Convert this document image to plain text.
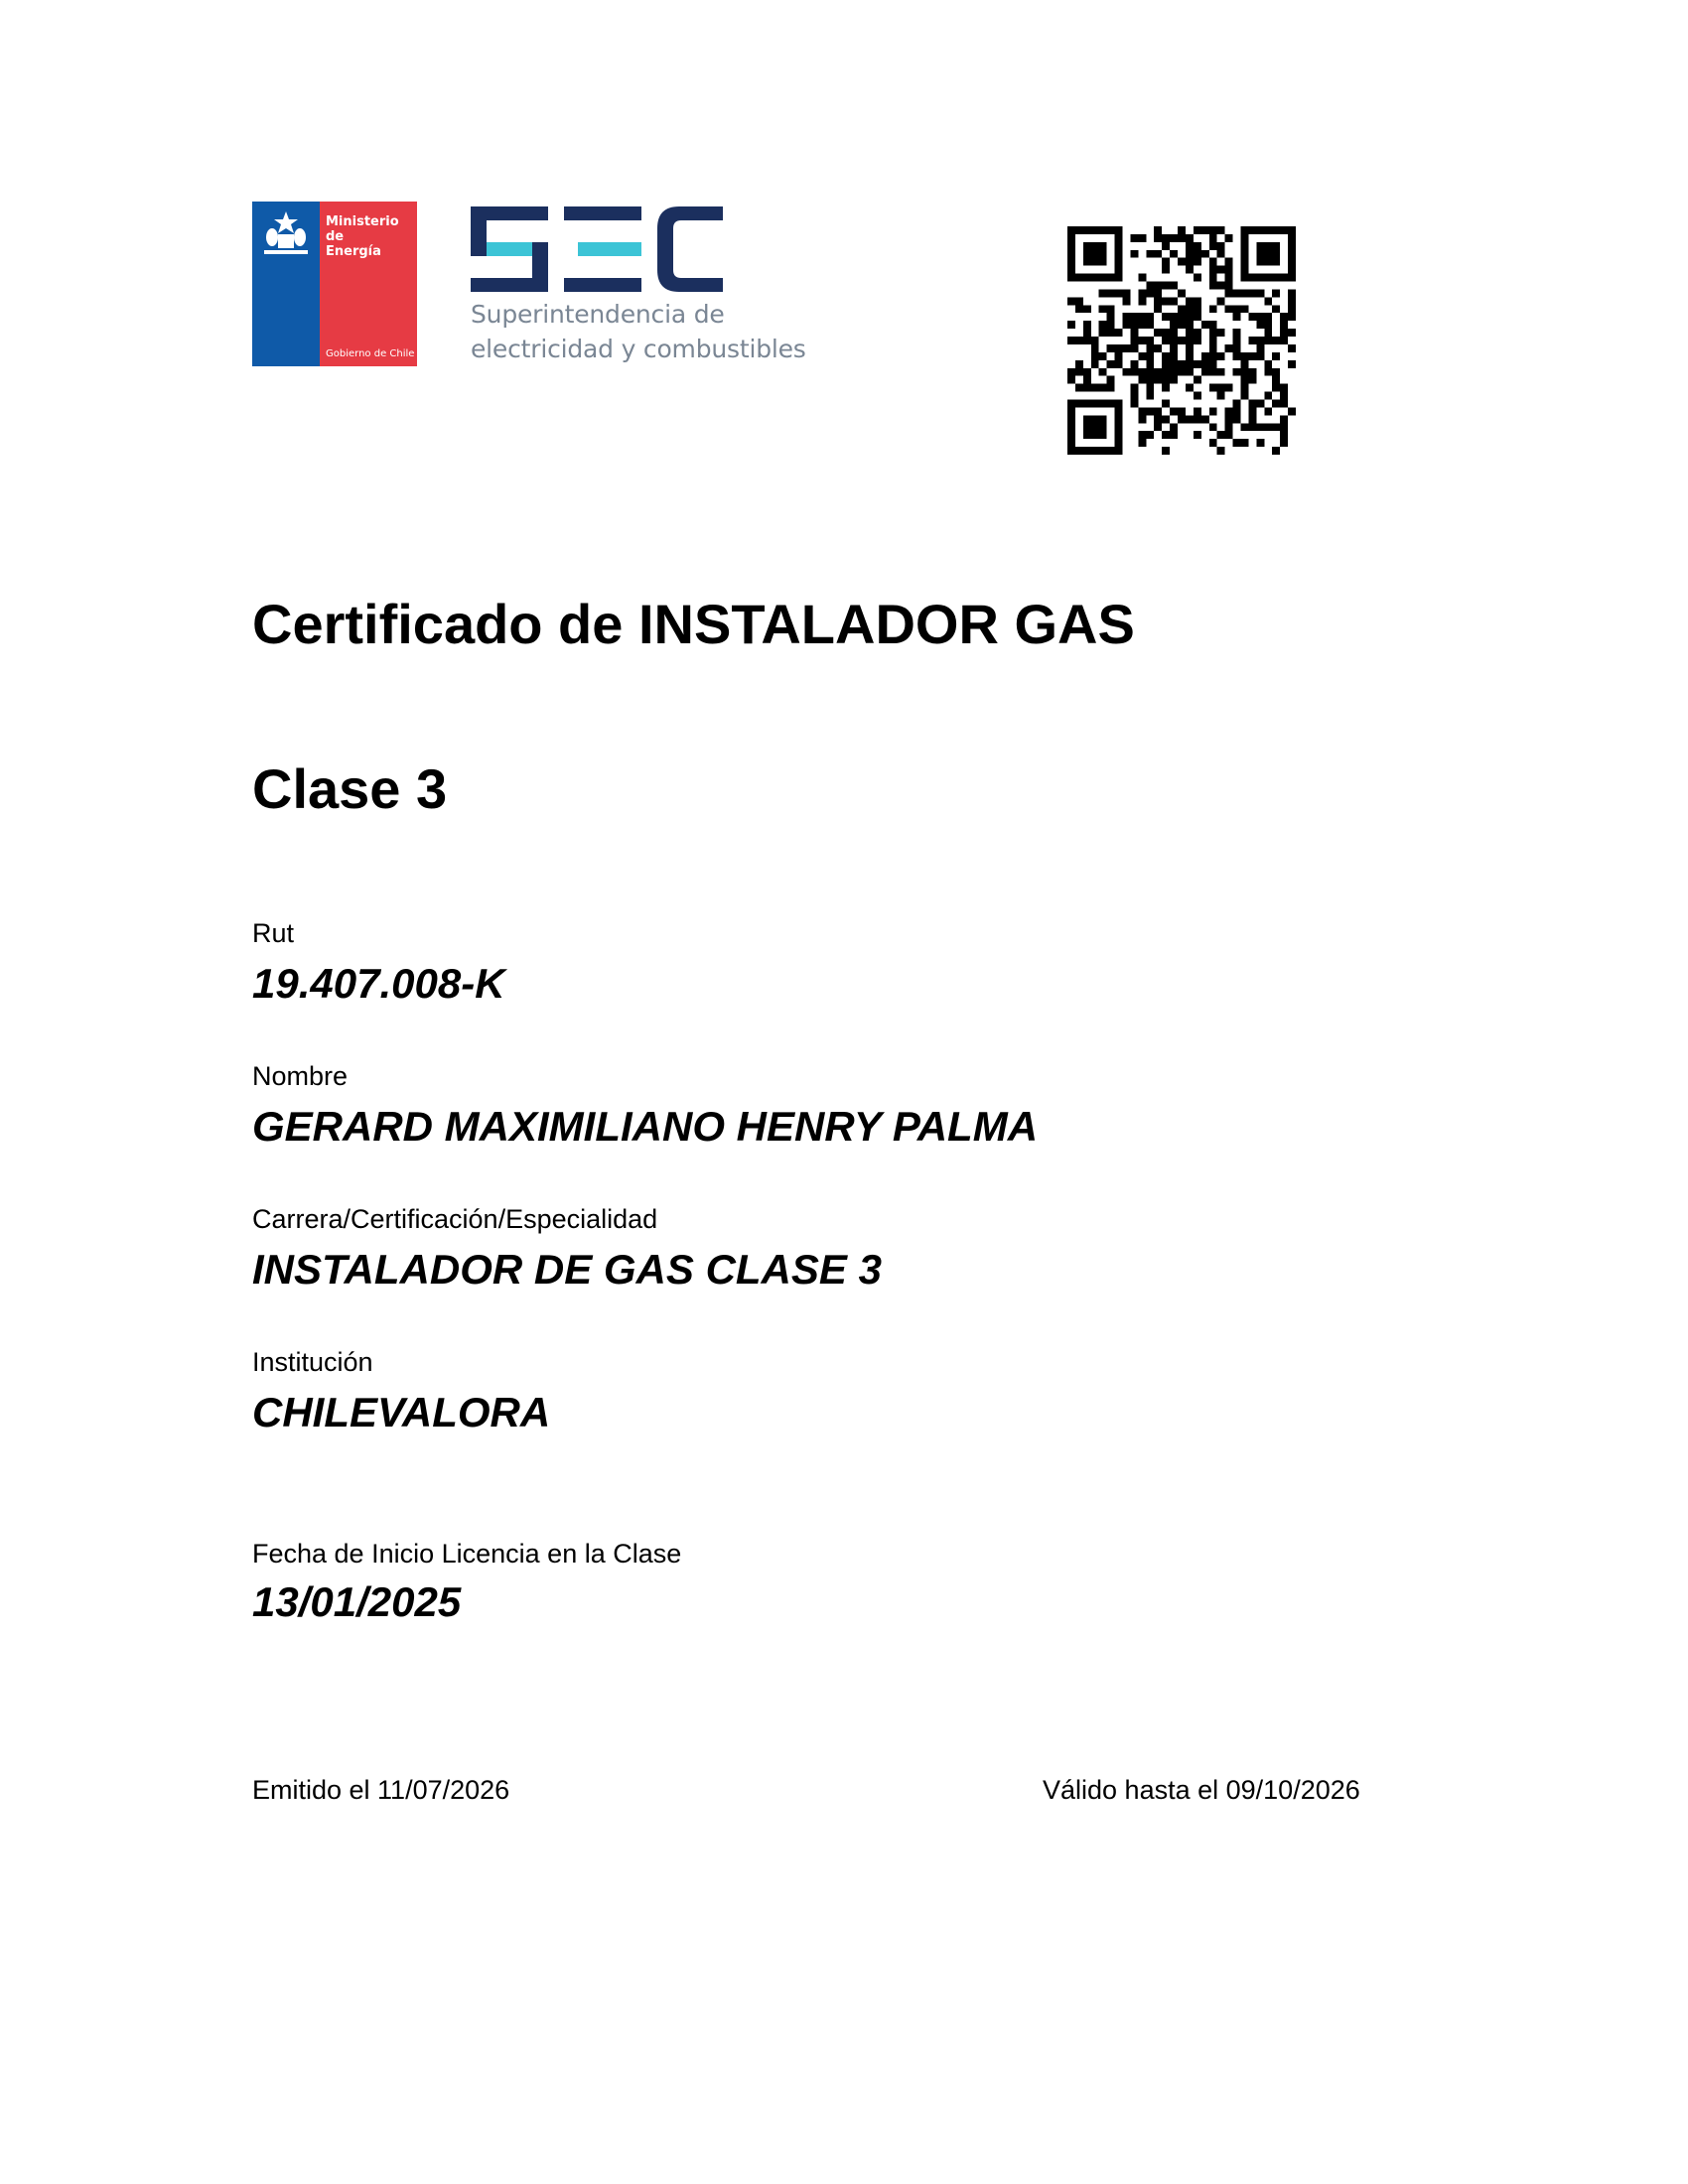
Ministerio de
Energía
Gobierno de Chile
Superintendencia de
electricidad y combustibles
Certificado de INSTALADOR GAS
Clase 3
Rut
19.407.008-K
Nombre
GERARD MAXIMILIANO HENRY PALMA
Carrera/Certificación/Especialidad
INSTALADOR DE GAS CLASE 3
Institución
CHILEVALORA
Fecha de Inicio Licencia en la Clase
13/01/2025
Emitido el 11/07/2026	Válido hasta el 09/10/2026
